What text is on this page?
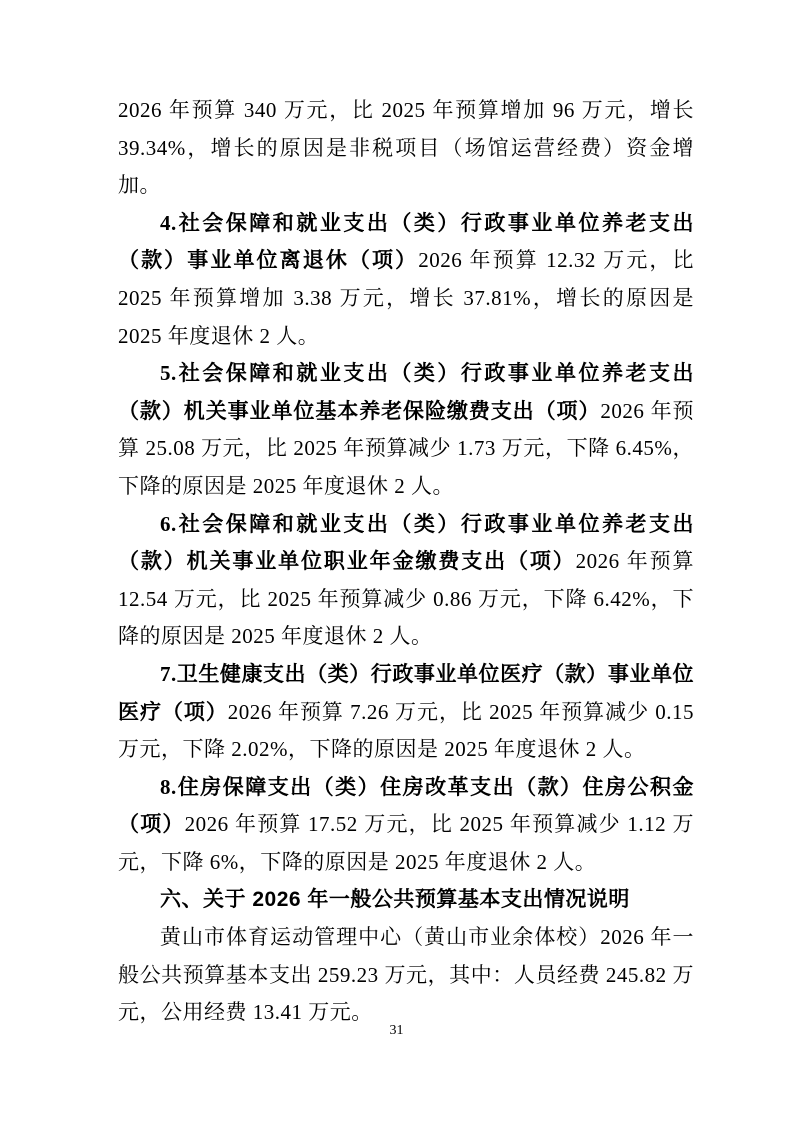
2026 年预算 340 万元，比 2025 年预算增加 96 万元，增长 39.34%，增长的原因是非税项目（场馆运营经费）资金增加。

4.社会保障和就业支出（类）行政事业单位养老支出（款）事业单位离退休（项）2026 年预算 12.32 万元，比 2025 年预算增加 3.38 万元，增长 37.81%，增长的原因是 2025 年度退休 2 人。

5.社会保障和就业支出（类）行政事业单位养老支出（款）机关事业单位基本养老保险缴费支出（项）2026 年预算 25.08 万元，比 2025 年预算减少 1.73 万元，下降 6.45%，下降的原因是 2025 年度退休 2 人。

6.社会保障和就业支出（类）行政事业单位养老支出（款）机关事业单位职业年金缴费支出（项）2026 年预算 12.54 万元，比 2025 年预算减少 0.86 万元，下降 6.42%，下降的原因是 2025 年度退休 2 人。

7.卫生健康支出（类）行政事业单位医疗（款）事业单位医疗（项）2026 年预算 7.26 万元，比 2025 年预算减少 0.15 万元，下降 2.02%，下降的原因是 2025 年度退休 2 人。

8.住房保障支出（类）住房改革支出（款）住房公积金（项）2026 年预算 17.52 万元，比 2025 年预算减少 1.12 万元，下降 6%，下降的原因是 2025 年度退休 2 人。

六、关于 2026 年一般公共预算基本支出情况说明

黄山市体育运动管理中心（黄山市业余体校）2026 年一般公共预算基本支出 259.23 万元，其中：人员经费 245.82 万元，公用经费 13.41 万元。

31
